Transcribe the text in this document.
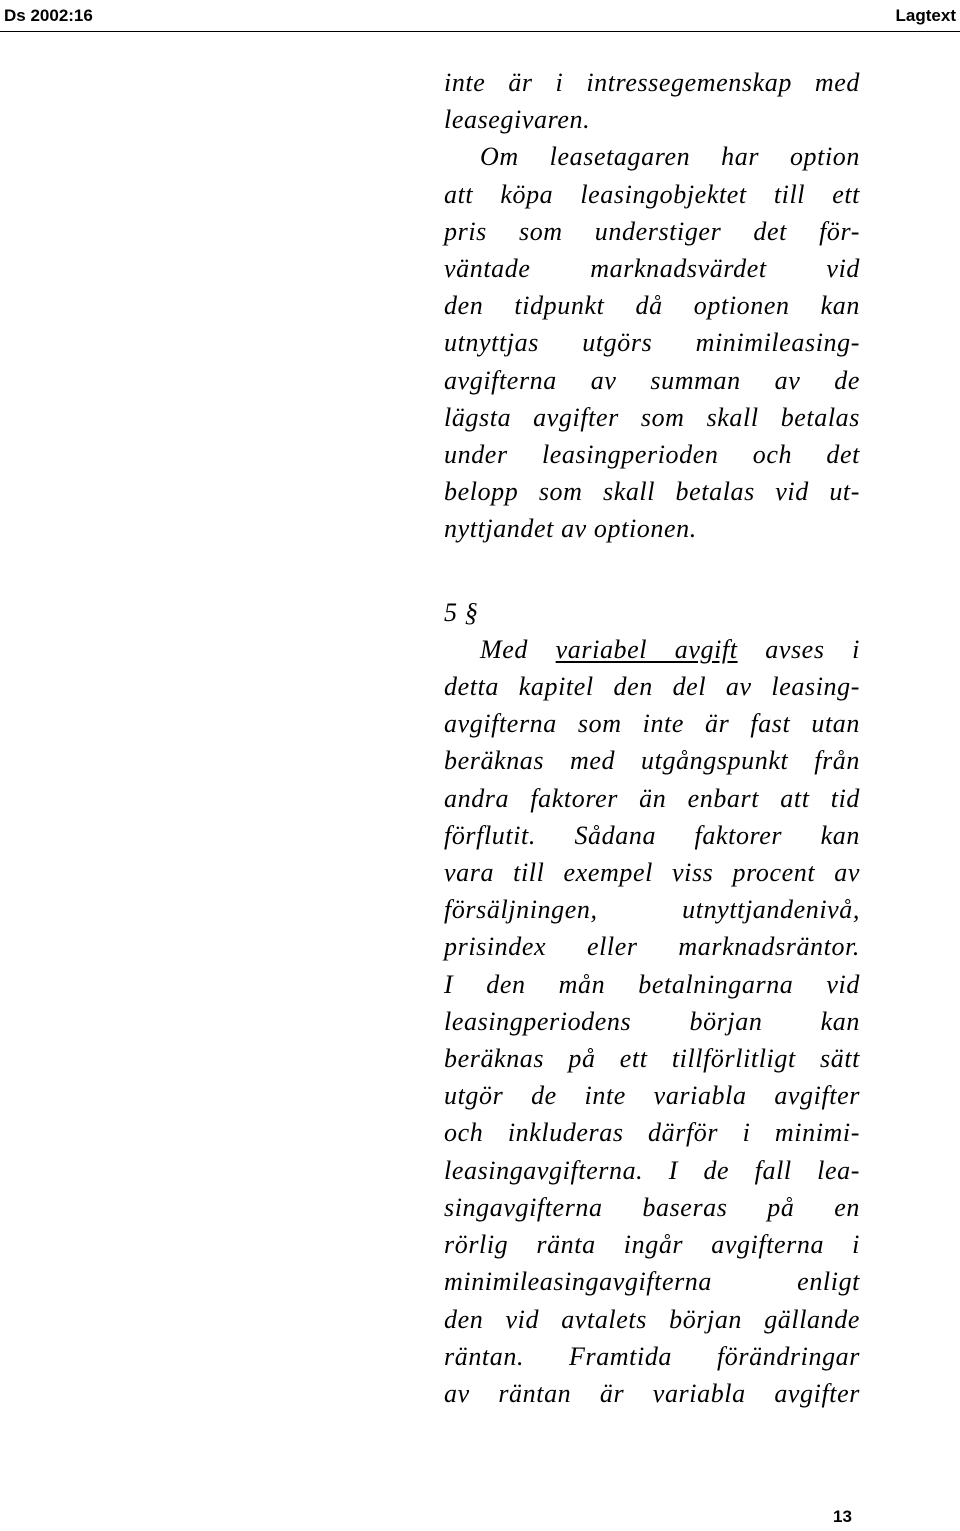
Ds 2002:16	Lagtext
inte är i intressegemenskap med
leasegivaren.
Om leasetagaren har option
att köpa leasingobjektet till ett
pris som understiger det för-
väntade marknadsvärdet vid
den tidpunkt då optionen kan
utnyttjas utgörs minimileasing-
avgifterna av summan av de
lägsta avgifter som skall betalas
under leasingperioden och det
belopp som skall betalas vid ut-
nyttjandet av optionen.
5 §
Med variabel avgift avses i
detta kapitel den del av leasing-
avgifterna som inte är fast utan
beräknas med utgångspunkt från
andra faktorer än enbart att tid
förflutit. Sådana faktorer kan
vara till exempel viss procent av
försäljningen, utnyttjandenivå,
prisindex eller marknadsräntor.
I den mån betalningarna vid
leasingperiodens början kan
beräknas på ett tillförlitligt sätt
utgör de inte variabla avgifter
och inkluderas därför i minimi-
leasingavgifterna. I de fall lea-
singavgifterna baseras på en
rörlig ränta ingår avgifterna i
minimileasingavgifterna enligt
den vid avtalets början gällande
räntan. Framtida förändringar
av räntan är variabla avgifter
13
